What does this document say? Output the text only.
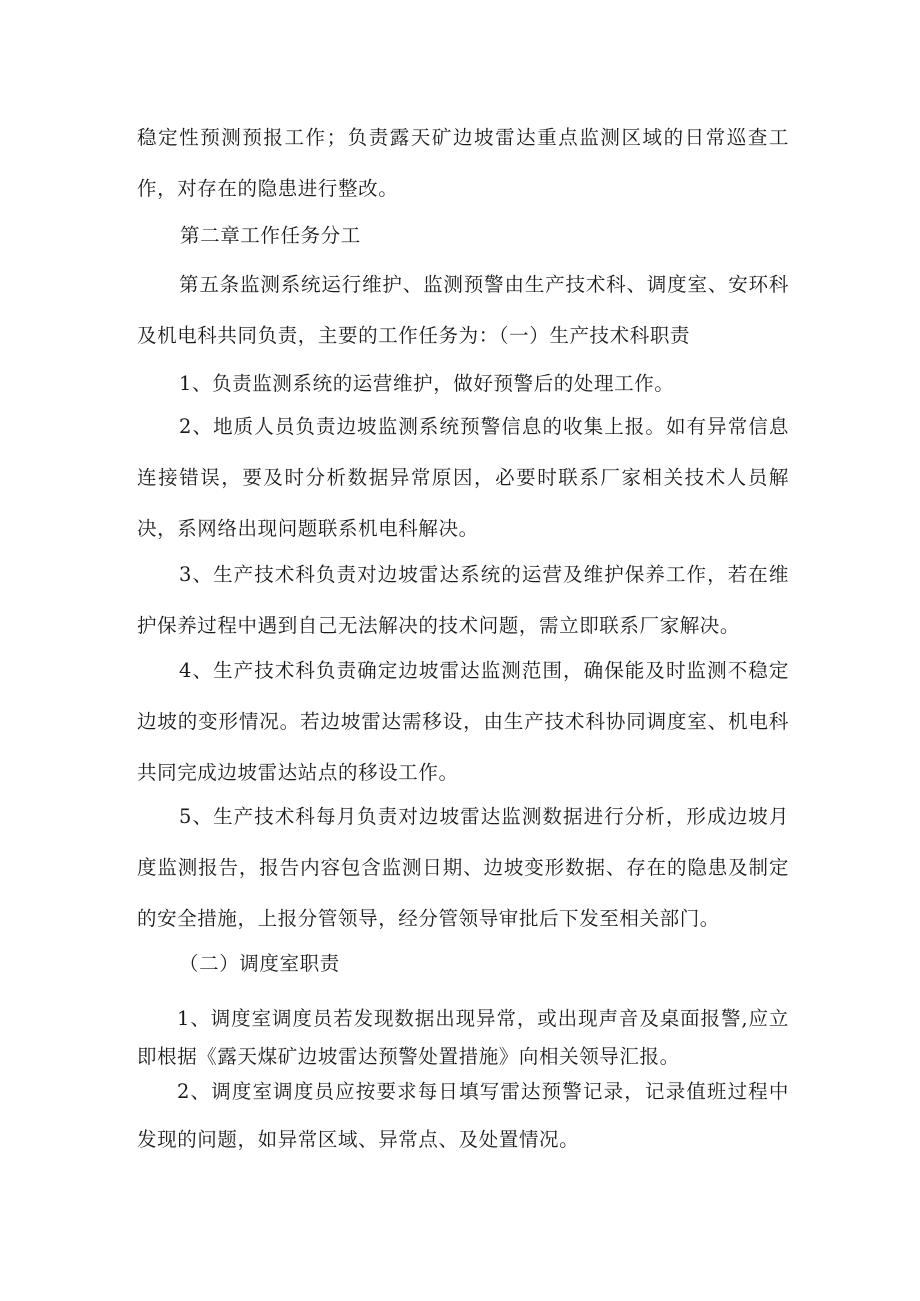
稳定性预测预报工作；负责露天矿边坡雷达重点监测区域的日常巡查工作，对存在的隐患进行整改。

第二章工作任务分工

第五条监测系统运行维护、监测预警由生产技术科、调度室、安环科及机电科共同负责，主要的工作任务为：（一）生产技术科职责

1、负责监测系统的运营维护，做好预警后的处理工作。

2、地质人员负责边坡监测系统预警信息的收集上报。如有异常信息连接错误，要及时分析数据异常原因，必要时联系厂家相关技术人员解决，系网络出现问题联系机电科解决。

3、生产技术科负责对边坡雷达系统的运营及维护保养工作，若在维护保养过程中遇到自己无法解决的技术问题，需立即联系厂家解决。

4、生产技术科负责确定边坡雷达监测范围，确保能及时监测不稳定边坡的变形情况。若边坡雷达需移设，由生产技术科协同调度室、机电科共同完成边坡雷达站点的移设工作。

5、生产技术科每月负责对边坡雷达监测数据进行分析，形成边坡月度监测报告，报告内容包含监测日期、边坡变形数据、存在的隐患及制定的安全措施，上报分管领导，经分管领导审批后下发至相关部门。

（二）调度室职责

1、调度室调度员若发现数据出现异常，或出现声音及桌面报警,应立即根据《露天煤矿边坡雷达预警处置措施》向相关领导汇报。

2、调度室调度员应按要求每日填写雷达预警记录，记录值班过程中发现的问题，如异常区域、异常点、及处置情况。
